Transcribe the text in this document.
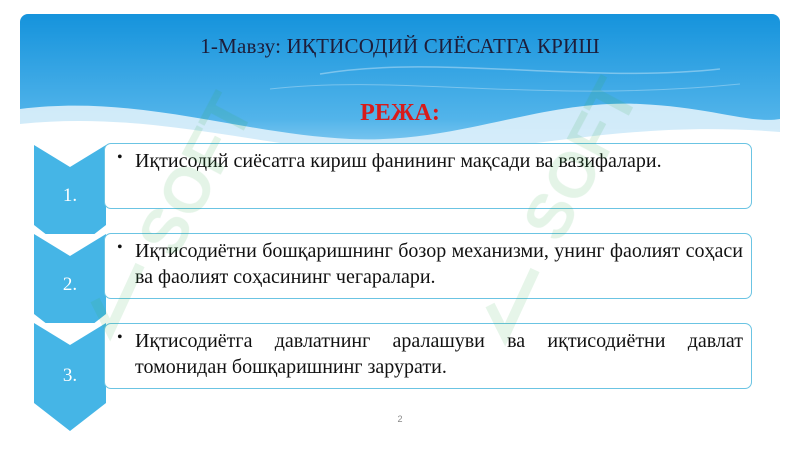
1-Мавзу: ИҚТИСОДИЙ СИЁСАТГА КРИШ
РЕЖА:
1.
• Иқтисодий сиёсатга кириш фанининг мақсади ва вазифалари.
2.
• Иқтисодиётни бошқаришнинг бозор механизми, унинг фаолият соҳаси ва фаолият соҳасининг чегаралари.
3.
• Иқтисодиётга давлатнинг аралашуви ва иқтисодиётни давлат томонидан бошқаришнинг зарурати.
2
